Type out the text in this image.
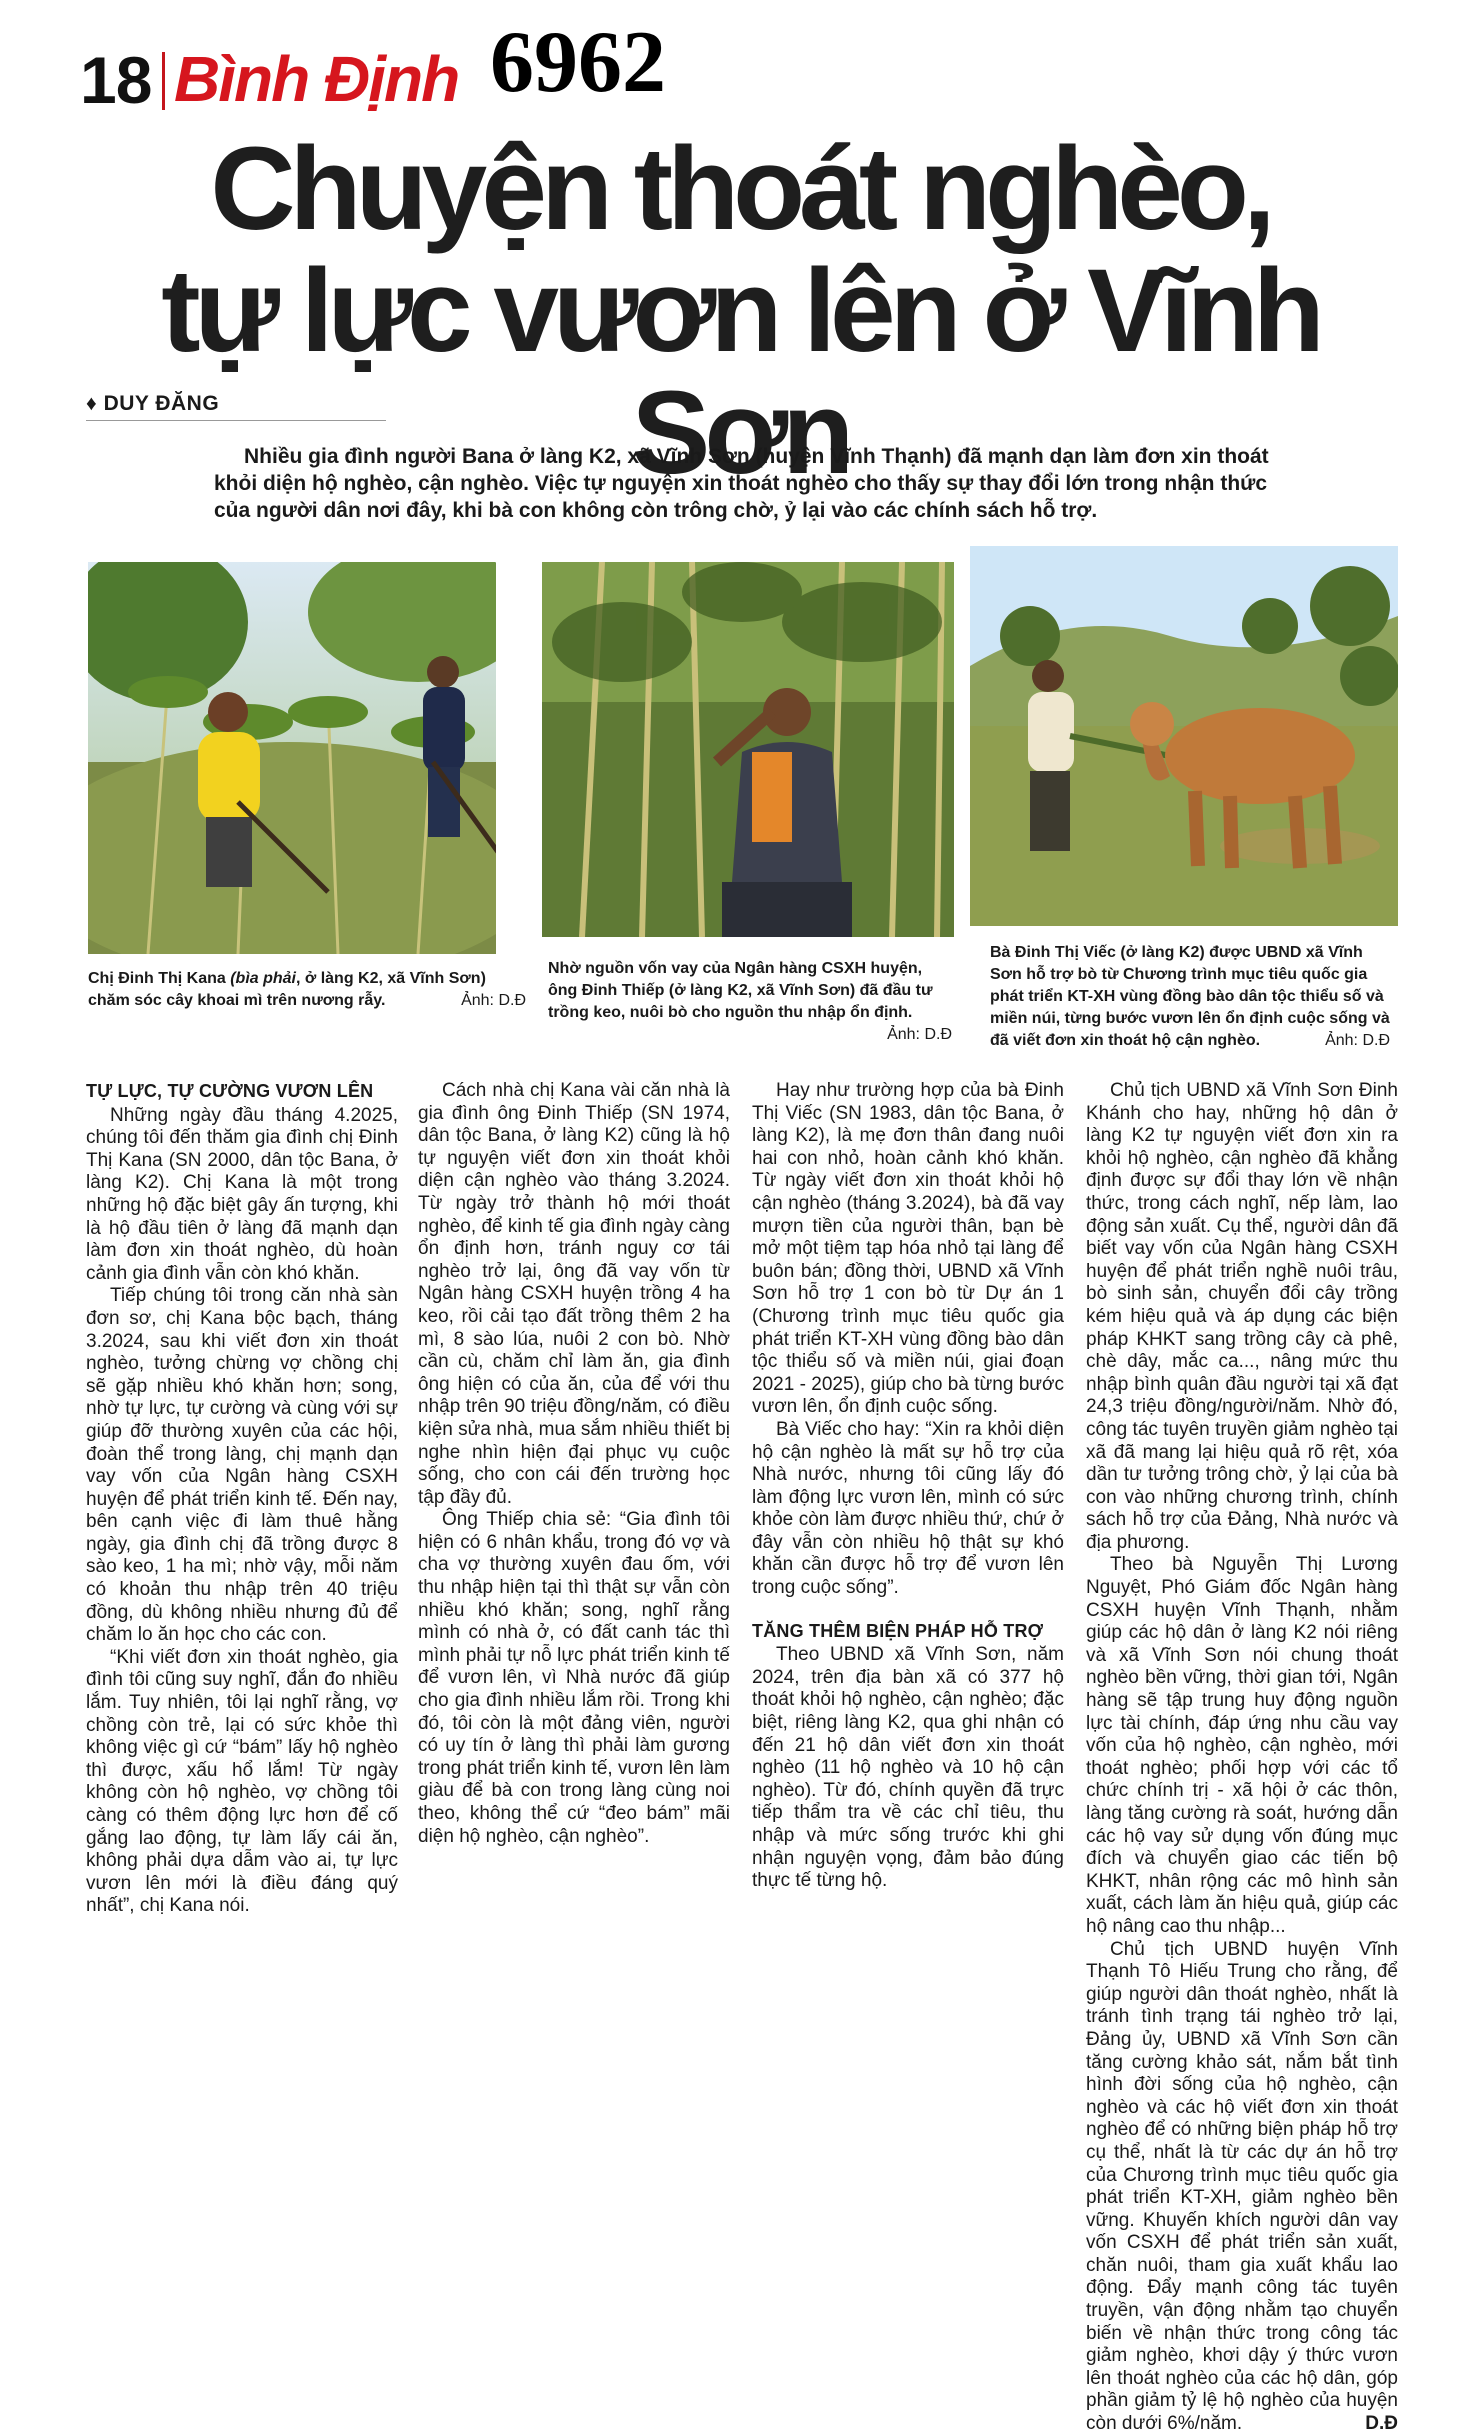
18 Bình Định 6962
Chuyện thoát nghèo,
tự lực vươn lên ở Vĩnh Sơn
♦ DUY ĐĂNG
Nhiều gia đình người Bana ở làng K2, xã Vĩnh Sơn (huyện Vĩnh Thạnh) đã mạnh dạn làm đơn xin thoát khỏi diện hộ nghèo, cận nghèo. Việc tự nguyện xin thoát nghèo cho thấy sự thay đổi lớn trong nhận thức của người dân nơi đây, khi bà con không còn trông chờ, ỷ lại vào các chính sách hỗ trợ.
Chị Đinh Thị Kana (bìa phải, ở làng K2, xã Vĩnh Sơn) chăm sóc cây khoai mì trên nương rẫy.	Ảnh: D.Đ
Nhờ nguồn vốn vay của Ngân hàng CSXH huyện, ông Đinh Thiếp (ở làng K2, xã Vĩnh Sơn) đã đầu tư trồng keo, nuôi bò cho nguồn thu nhập ổn định.
Ảnh: D.Đ
Bà Đinh Thị Viếc (ở làng K2) được UBND xã Vĩnh Sơn hỗ trợ bò từ Chương trình mục tiêu quốc gia phát triển KT-XH vùng đồng bào dân tộc thiểu số và miền núi, từng bước vươn lên ổn định cuộc sống và đã viết đơn xin thoát hộ cận nghèo.	Ảnh: D.Đ
TỰ LỰC, TỰ CƯỜNG VƯƠN LÊN

Những ngày đầu tháng 4.2025, chúng tôi đến thăm gia đình chị Đinh Thị Kana (SN 2000, dân tộc Bana, ở làng K2). Chị Kana là một trong những hộ đặc biệt gây ấn tượng, khi là hộ đầu tiên ở làng đã mạnh dạn làm đơn xin thoát nghèo, dù hoàn cảnh gia đình vẫn còn khó khăn.

Tiếp chúng tôi trong căn nhà sàn đơn sơ, chị Kana bộc bạch, tháng 3.2024, sau khi viết đơn xin thoát nghèo, tưởng chừng vợ chồng chị sẽ gặp nhiều khó khăn hơn; song, nhờ tự lực, tự cường và cùng với sự giúp đỡ thường xuyên của các hội, đoàn thể trong làng, chị mạnh dạn vay vốn của Ngân hàng CSXH huyện để phát triển kinh tế. Đến nay, bên cạnh việc đi làm thuê hằng ngày, gia đình chị đã trồng được 8 sào keo, 1 ha mì; nhờ vậy, mỗi năm có khoản thu nhập trên 40 triệu đồng, dù không nhiều nhưng đủ để chăm lo ăn học cho các con.

“Khi viết đơn xin thoát nghèo, gia đình tôi cũng suy nghĩ, đắn đo nhiều lắm. Tuy nhiên, tôi lại nghĩ rằng, vợ chồng còn trẻ, lại có sức khỏe thì không việc gì cứ “bám” lấy hộ nghèo thì được, xấu hổ lắm! Từ ngày không còn hộ nghèo, vợ chồng tôi càng có thêm động lực hơn để cố gắng lao động, tự làm lấy cái ăn, không phải dựa dẫm vào ai, tự lực vươn lên mới là điều đáng quý nhất”, chị Kana nói.

Cách nhà chị Kana vài căn nhà là gia đình ông Đinh Thiếp (SN 1974, dân tộc Bana, ở làng K2) cũng là hộ tự nguyện viết đơn xin thoát khỏi diện cận nghèo vào tháng 3.2024. Từ ngày trở thành hộ mới thoát nghèo, để kinh tế gia đình ngày càng ổn định hơn, tránh nguy cơ tái nghèo trở lại, ông đã vay vốn từ Ngân hàng CSXH huyện trồng 4 ha keo, rồi cải tạo đất trồng thêm 2 ha mì, 8 sào lúa, nuôi 2 con bò. Nhờ cần cù, chăm chỉ làm ăn, gia đình ông hiện có của ăn, của để với thu nhập trên 90 triệu đồng/năm, có điều kiện sửa nhà, mua sắm nhiều thiết bị nghe nhìn hiện đại phục vụ cuộc sống, cho con cái đến trường học tập đầy đủ.

Ông Thiếp chia sẻ: “Gia đình tôi hiện có 6 nhân khẩu, trong đó vợ và cha vợ thường xuyên đau ốm, với thu nhập hiện tại thì thật sự vẫn còn nhiều khó khăn; song, nghĩ rằng mình có nhà ở, có đất canh tác thì mình phải tự nỗ lực phát triển kinh tế để vươn lên, vì Nhà nước đã giúp cho gia đình nhiều lắm rồi. Trong khi đó, tôi còn là một đảng viên, người có uy tín ở làng thì phải làm gương trong phát triển kinh tế, vươn lên làm giàu để bà con trong làng cùng noi theo, không thể cứ “đeo bám” mãi diện hộ nghèo, cận nghèo”.

Hay như trường hợp của bà Đinh Thị Viếc (SN 1983, dân tộc Bana, ở làng K2), là mẹ đơn thân đang nuôi hai con nhỏ, hoàn cảnh khó khăn. Từ ngày viết đơn xin thoát khỏi hộ cận nghèo (tháng 3.2024), bà đã vay mượn tiền của người thân, bạn bè mở một tiệm tạp hóa nhỏ tại làng để buôn bán; đồng thời, UBND xã Vĩnh Sơn hỗ trợ 1 con bò từ Dự án 1 (Chương trình mục tiêu quốc gia phát triển KT-XH vùng đồng bào dân tộc thiểu số và miền núi, giai đoạn 2021 - 2025), giúp cho bà từng bước vươn lên, ổn định cuộc sống.

Bà Viếc cho hay: “Xin ra khỏi diện hộ cận nghèo là mất sự hỗ trợ của Nhà nước, nhưng tôi cũng lấy đó làm động lực vươn lên, mình có sức khỏe còn làm được nhiều thứ, chứ ở đây vẫn còn nhiều hộ thật sự khó khăn cần được hỗ trợ để vươn lên trong cuộc sống”.

TĂNG THÊM BIỆN PHÁP HỖ TRỢ

Theo UBND xã Vĩnh Sơn, năm 2024, trên địa bàn xã có 377 hộ thoát khỏi hộ nghèo, cận nghèo; đặc biệt, riêng làng K2, qua ghi nhận có đến 21 hộ dân viết đơn xin thoát nghèo (11 hộ nghèo và 10 hộ cận nghèo). Từ đó, chính quyền đã trực tiếp thẩm tra về các chỉ tiêu, thu nhập và mức sống trước khi ghi nhận nguyện vọng, đảm bảo đúng thực tế từng hộ.

Chủ tịch UBND xã Vĩnh Sơn Đinh Khánh cho hay, những hộ dân ở làng K2 tự nguyện viết đơn xin ra khỏi hộ nghèo, cận nghèo đã khẳng định được sự đổi thay lớn về nhận thức, trong cách nghĩ, nếp làm, lao động sản xuất. Cụ thể, người dân đã biết vay vốn của Ngân hàng CSXH huyện để phát triển nghề nuôi trâu, bò sinh sản, chuyển đổi cây trồng kém hiệu quả và áp dụng các biện pháp KHKT sang trồng cây cà phê, chè dây, mắc ca..., nâng mức thu nhập bình quân đầu người tại xã đạt 24,3 triệu đồng/người/năm. Nhờ đó, công tác tuyên truyền giảm nghèo tại xã đã mang lại hiệu quả rõ rệt, xóa dần tư tưởng trông chờ, ỷ lại của bà con vào những chương trình, chính sách hỗ trợ của Đảng, Nhà nước và địa phương.

Theo bà Nguyễn Thị Lương Nguyệt, Phó Giám đốc Ngân hàng CSXH huyện Vĩnh Thạnh, nhằm giúp các hộ dân ở làng K2 nói riêng và xã Vĩnh Sơn nói chung thoát nghèo bền vững, thời gian tới, Ngân hàng sẽ tập trung huy động nguồn lực tài chính, đáp ứng nhu cầu vay vốn của hộ nghèo, cận nghèo, mới thoát nghèo; phối hợp với các tổ chức chính trị - xã hội ở các thôn, làng tăng cường rà soát, hướng dẫn các hộ vay sử dụng vốn đúng mục đích và chuyển giao các tiến bộ KHKT, nhân rộng các mô hình sản xuất, cách làm ăn hiệu quả, giúp các hộ nâng cao thu nhập...

Chủ tịch UBND huyện Vĩnh Thạnh Tô Hiếu Trung cho rằng, để giúp người dân thoát nghèo, nhất là tránh tình trạng tái nghèo trở lại, Đảng ủy, UBND xã Vĩnh Sơn cần tăng cường khảo sát, nắm bắt tình hình đời sống của hộ nghèo, cận nghèo và các hộ viết đơn xin thoát nghèo để có những biện pháp hỗ trợ cụ thể, nhất là từ các dự án hỗ trợ của Chương trình mục tiêu quốc gia phát triển KT-XH, giảm nghèo bền vững. Khuyến khích người dân vay vốn CSXH để phát triển sản xuất, chăn nuôi, tham gia xuất khẩu lao động. Đẩy mạnh công tác tuyên truyền, vận động nhằm tạo chuyển biến về nhận thức trong công tác giảm nghèo, khơi dậy ý thức vươn lên thoát nghèo của các hộ dân, góp phần giảm tỷ lệ hộ nghèo của huyện còn dưới 6%/năm.	D.Đ
